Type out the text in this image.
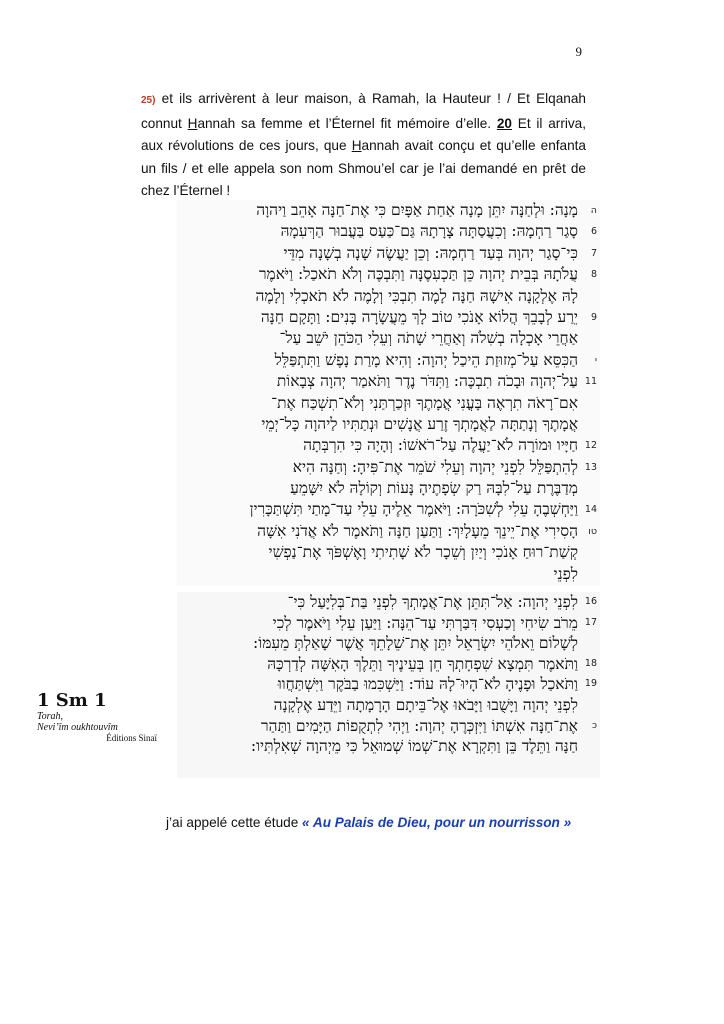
9
25) et ils arrivèrent à leur maison, à Ramah, la Hauteur ! / Et Elqanah connut Hannah sa femme et l’Éternel fit mémoire d’elle. 20 Et il arriva, aux révolutions de ces jours, que Hannah avait conçu et qu’elle enfanta un fils / et elle appela son nom Shmou’el car je l’ai demandé en prêt de chez l’Éternel !
ה
מָנָה: וּלְחַנָּה יִתֵּן מָנָה אַחַת אַפָּיִם כִּי אֶת־חַנָּה אָהֵב וַיהוָה
6
סָגַר רַחְמָהּ: וְכִעֲסַתָּה צָרָתָהּ גַּם־כַּעַס בַּעֲבוּר הַרְּעִמָהּ
7
כִּי־סָגַר יְהוָה בְּעַד רַחְמָהּ: וְכֵן יַעֲשֶׂה שָׁנָה בְשָׁנָה מִדֵּי
8
עֲלֹתָהּ בְּבֵית יְהוָה כֵּן תַּכְעִסֶנָּה וַתִּבְכֶּה וְלֹא תֹאכַל: וַיֹּאמֶר
לָהּ אֶלְקָנָה אִישָׁהּ חַנָּה לָמֶה תִבְכִּי וְלָמֶה לֹא תֹאכְלִי וְלָמֶה
9
יֵרַע לְבָבֵךְ הֲלוֹא אָנֹכִי טוֹב לָךְ מֵעֲשָׂרָה בָּנִים: וַתָּקָם חַנָּה
אַחֲרֵי אָכְלָה בְשִׁלֹה וְאַחֲרֵי שָׁתֹה וְעֵלִי הַכֹּהֵן יֹשֵׁב עַל־
י
הַכִּסֵּא עַל־מְזוּזַת הֵיכַל יְהוָה: וְהִיא מָרַת נָפֶשׁ וַתִּתְפַּלֵּל
11
עַל־יְהוָה וּבָכֹה תִבְכֶּה: וַתִּדֹּר נֶדֶר וַתֹּאמַר יְהוָה צְבָאוֹת
אִם־רָאֹה תִרְאֶה בָּעֳנִי אֲמָתֶךָ וּזְכַרְתַּנִי וְלֹא־תִשְׁכַּח אֶת־
אֲמָתֶךָ וְנָתַתָּה לַאֲמָתְךָ זֶרַע אֲנָשִׁים וּנְתַתִּיו לַיהוָה כָּל־יְמֵי
12
חַיָּיו וּמוֹרָה לֹא־יַעֲלֶה עַל־רֹאשׁוֹ: וְהָיָה כִּי הִרְבְּתָה
13
לְהִתְפַּלֵּל לִפְנֵי יְהוָה וְעֵלִי שֹׁמֵר אֶת־פִּיהָ: וְחַנָּה הִיא
מְדַבֶּרֶת עַל־לִבָּהּ רַק שְׂפָתֶיהָ נָּעוֹת וְקוֹלָהּ לֹא יִשָּׁמֵעַ
14
וַיַּחְשְׁבֶהָ עֵלִי לְשִׁכֹּרָה: וַיֹּאמֶר אֵלֶיהָ עֵלִי עַד־מָתַי תִּשְׁתַּכָּרִין
טו
הָסִירִי אֶת־יֵינֵךְ מֵעָלָיִךְ: וַתַּעַן חַנָּה וַתֹּאמֶר לֹא אֲדֹנִי אִשָּׁה
קְשַׁת־רוּחַ אָנֹכִי וְיַיִן וְשֵׁכָר לֹא שָׁתִיתִי וָאֶשְׁפֹּךְ אֶת־נַפְשִׁי
לִפְנֵי
16
לִפְנֵי יְהוָה: אַל־תִּתֵּן אֶת־אֲמָתְךָ לִפְנֵי בַּת־בְּלִיָּעַל כִּי־
17
מֵרֹב שִׂיחִי וְכַעְסִי דִּבַּרְתִּי עַד־הֵנָּה: וַיַּעַן עֵלִי וַיֹּאמֶר לְכִי
לְשָׁלוֹם וֵאלֹהֵי יִשְׂרָאֵל יִתֵּן אֶת־שֵׁלָתֵךְ אֲשֶׁר שָׁאַלְתְּ מֵעִמּוֹ:
18
וַתֹּאמֶר תִּמְצָא שִׁפְחָתְךָ חֵן בְּעֵינֶיךָ וַתֵּלֶךְ הָאִשָּׁה לְדַרְכָּהּ
19
וַתֹּאכַל וּפָנֶיהָ לֹא־הָיוּ־לָהּ עוֹד: וַיַּשְׁכִּמוּ בַבֹּקֶר וַיִּשְׁתַּחֲווּ
לִפְנֵי יְהוָה וַיָּשֻׁבוּ וַיָּבֹאוּ אֶל־בֵּיתָם הָרָמָתָה וַיֵּדַע אֶלְקָנָה
כ
אֶת־חַנָּה אִשְׁתּוֹ וַיִּזְכְּרֶהָ יְהוָה: וַיְהִי לִתְקֻפוֹת הַיָּמִים וַתַּהַר
חַנָּה וַתֵּלֶד בֵּן וַתִּקְרָא אֶת־שְׁמוֹ שְׁמוּאֵל כִּי מֵיְהוָה שְׁאִלְתִּיו:
1 Sm 1
Torah,
Nevi’îm oukhtouvîm
Éditions Sinaï
j’ai appelé cette étude « Au Palais de Dieu, pour un nourrisson »
